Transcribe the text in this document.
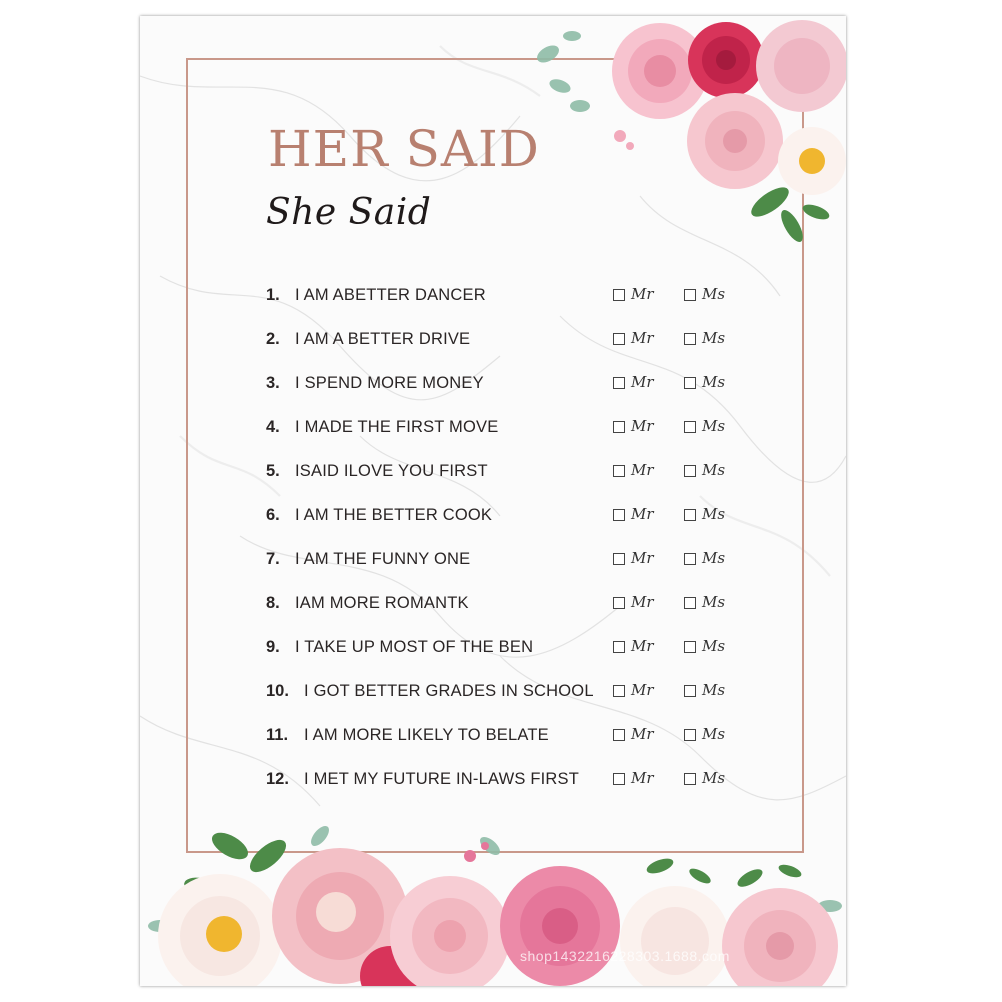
HER SAID
She Said
1. I AM ABETTER DANCER	Mr	Ms
2. I AM A BETTER DRIVE	Mr	Ms
3. I SPEND MORE MONEY	Mr	Ms
4. I MADE THE FIRST MOVE	Mr	Ms
5. ISAID ILOVE YOU FIRST	Mr	Ms
6. I AM THE BETTER COOK	Mr	Ms
7. I AM THE FUNNY ONE	Mr	Ms
8. IAM MORE ROMANTK	Mr	Ms
9. I TAKE UP MOST OF THE BEN	Mr	Ms
10. I GOT BETTER GRADES IN SCHOOL Mr	Ms
11. I AM MORE LIKELY TO BELATE	Mr	Ms
12. I MET MY FUTURE IN-LAWS FIRST	Mr	Ms
shop1432216228303.1688.com
